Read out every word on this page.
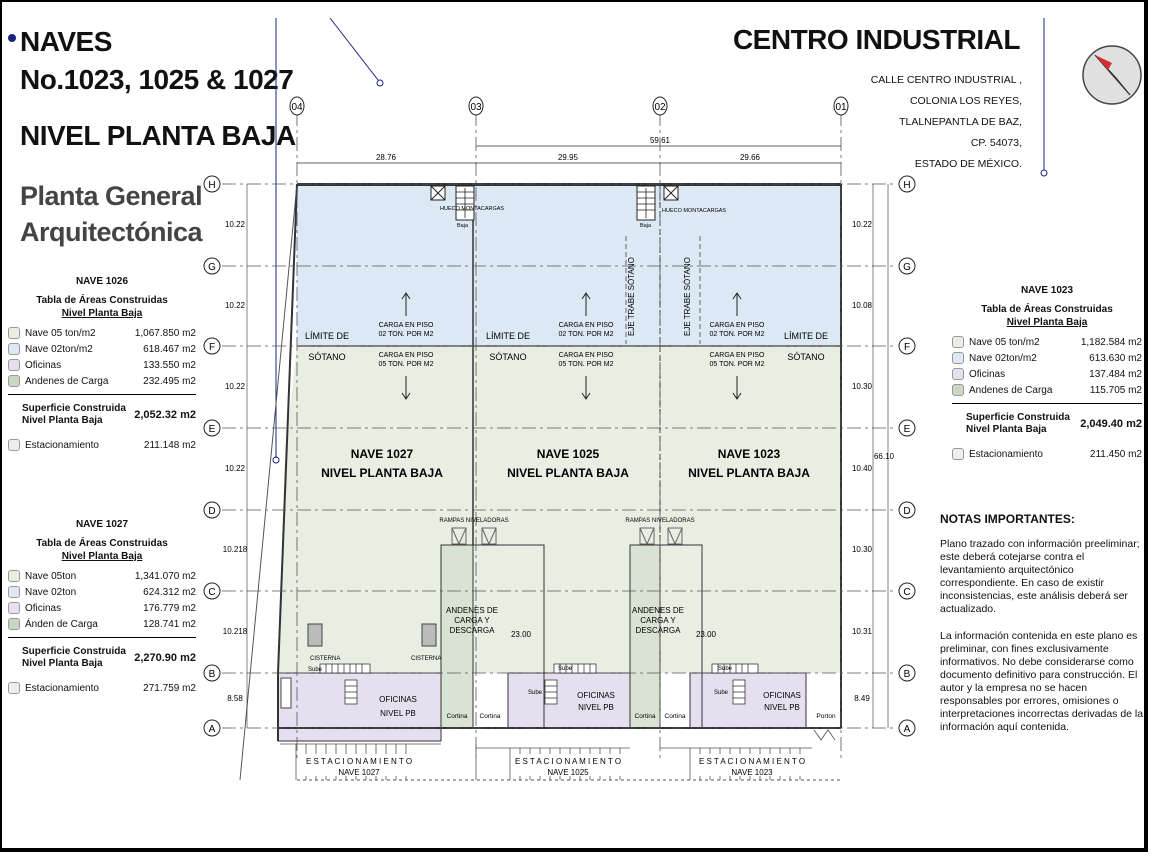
NAVES
No.1023, 1025 & 1027
NIVEL PLANTA BAJA
Planta General
Arquitectónica
CENTRO INDUSTRIAL
CALLE CENTRO INDUSTRIAL ,
COLONIA LOS REYES,
TLALNEPANTLA DE BAZ,
CP. 54073,
ESTADO DE MÉXICO.
NAVE 1026
Tabla de Áreas Construidas
Nivel Planta Baja
Nave 05 ton/m2	1,067.850 m2
Nave 02ton/m2	618.467 m2
Oficinas	133.550 m2
Andenes de Carga	232.495 m2
Superficie Construida Nivel Planta Baja	2,052.32 m2
Estacionamiento	211.148 m2
NAVE 1027
Tabla de Áreas Construidas
Nivel Planta Baja
Nave 05ton	1,341.070 m2
Nave 02ton	624.312 m2
Oficinas	176.779 m2
Ánden de Carga	128.741 m2
Superficie Construida Nivel Planta Baja	2,270.90 m2
Estacionamiento	271.759 m2
NAVE 1023
Tabla de Áreas Construidas
Nivel Planta Baja
Nave 05 ton/m2	1,182.584 m2
Nave 02ton/m2	613.630 m2
Oficinas	137.484 m2
Andenes de Carga	115.705 m2
Superficie Construida Nivel Planta Baja	2,049.40 m2
Estacionamiento	211.450 m2
NOTAS IMPORTANTES:

Plano trazado con información preeliminar; este deberá cotejarse contra el levantamiento arquitectónico correspondiente. En caso de existir inconsistencias, este análisis deberá ser actualizado.

La información contenida en este plano es preliminar, con fines exclusivamente informativos. No debe considerarse como documento definitivo para construcción. El autor y la empresa no se hacen responsables por errores, omisiones o interpretaciones incorrectas derivadas de la información aquí contenida.

04	03	02	01
H	H
G	G
F	F
E	E
D	D
C	C
B	B
A	A
59.61
28.76	29.95	29.66
10.22
10.22
10.22
10.22
10.218
10.218
8.58
10.22
10.08
10.30
10.40
10.30
10.31
8.49
66.10
HUECO MONTACARGAS
Baja
HUECO MONTACARGAS
Baja
EJE TRABE SÓTANO	EJE TRABE SÓTANO
CARGA EN PISO
02 TON. POR M2
CARGA EN PISO
05 TON. POR M2
CARGA EN PISO
02 TON. POR M2
CARGA EN PISO
05 TON. POR M2
CARGA EN PISO
02 TON. POR M2
CARGA EN PISO
05 TON. POR M2
LÍMITE DE
SÓTANO
LÍMITE DE
SÓTANO
LÍMITE DE
SÓTANO
NAVE 1027
NIVEL PLANTA BAJA
NAVE 1025
NIVEL PLANTA BAJA
NAVE 1023
NIVEL PLANTA BAJA
RAMPAS NIVELADORAS	RAMPAS NIVELADORAS
ANDENES DE
CARGA Y
DESCARGA 23.00
ANDENES DE
CARGA Y
DESCARGA 23.00
CISTERNA	CISTERNA
Sube	Sube	Sube
Sube	Sube
OFICINAS
NIVEL PB
OFICINAS
NIVEL PB
OFICINAS
NIVEL PB
Cortina Cortina	Cortina Cortina	Porton
E S T A C I O N A M I E N T O
NAVE 1027
E S T A C I O N A M I E N T O
NAVE 1025
E S T A C I O N A M I E N T O
NAVE 1023
